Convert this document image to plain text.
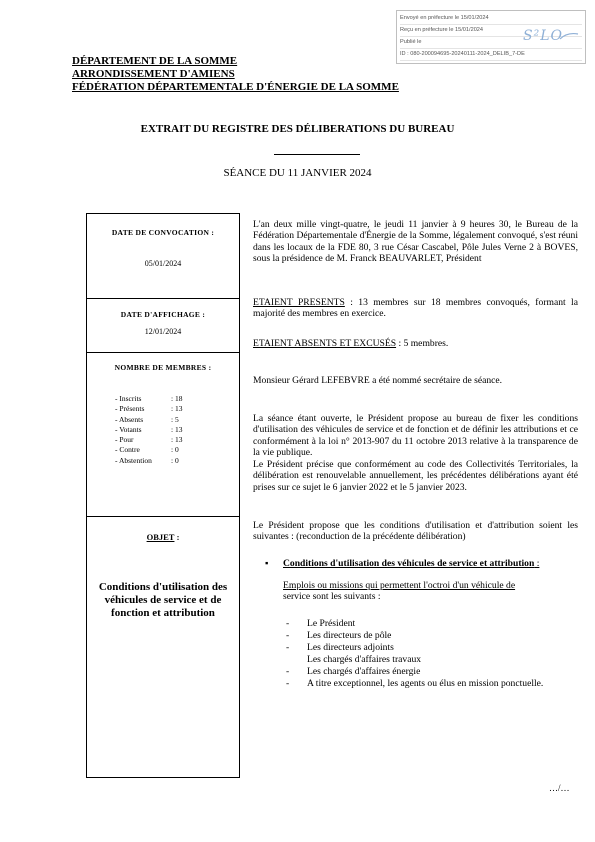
Envoyé en préfecture le 15/01/2024
Reçu en préfecture le 15/01/2024
Publié le
ID : 080-200094695-20240111-2024_DELIB_7-DE
S²LO
DÉPARTEMENT DE LA SOMME
ARRONDISSEMENT D'AMIENS
FÉDÉRATION DÉPARTEMENTALE D'ÉNERGIE DE LA SOMME
EXTRAIT DU REGISTRE DES DÉLIBERATIONS DU BUREAU
SÉANCE DU 11 JANVIER 2024
DATE DE CONVOCATION :
05/01/2024
DATE D'AFFICHAGE :
12/01/2024
NOMBRE DE MEMBRES :
- Inscrits	: 18
- Présents	: 13
- Absents	: 5
- Votants	: 13
- Pour	: 13
- Contre	: 0
- Abstention	: 0
OBJET :
Conditions d'utilisation des véhicules de service et de fonction et attribution
L'an deux mille vingt-quatre, le jeudi 11 janvier à 9 heures 30, le Bureau de la Fédération Départementale d'Énergie de la Somme, légalement convoqué, s'est réuni dans les locaux de la FDE 80, 3 rue César Cascabel, Pôle Jules Verne 2 à BOVES, sous la présidence de M. Franck BEAUVARLET, Président
ETAIENT PRESENTS : 13 membres sur 18 membres convoqués, formant la majorité des membres en exercice.
ETAIENT ABSENTS ET EXCUSÉS : 5 membres.
Monsieur Gérard LEFEBVRE a été nommé secrétaire de séance.
La séance étant ouverte, le Président propose au bureau de fixer les conditions d'utilisation des véhicules de service et de fonction et de définir les attributions et ce conformément à la loi n° 2013-907 du 11 octobre 2013 relative à la transparence de la vie publique.
Le Président précise que conformément au code des Collectivités Territoriales, la délibération est renouvelable annuellement, les précédentes délibérations ayant été prises sur ce sujet le 6 janvier 2022 et le 5 janvier 2023.
Le Président propose que les conditions d'utilisation et d'attribution soient les suivantes : (reconduction de la précédente délibération)
▪ Conditions d'utilisation des véhicules de service et attribution :
Emplois ou missions qui permettent l'octroi d'un véhicule de
service sont les suivants :
- Le Président
- Les directeurs de pôle
- Les directeurs adjoints
Les chargés d'affaires travaux
- Les chargés d'affaires énergie
- A titre exceptionnel, les agents ou élus en mission ponctuelle.
…/…
